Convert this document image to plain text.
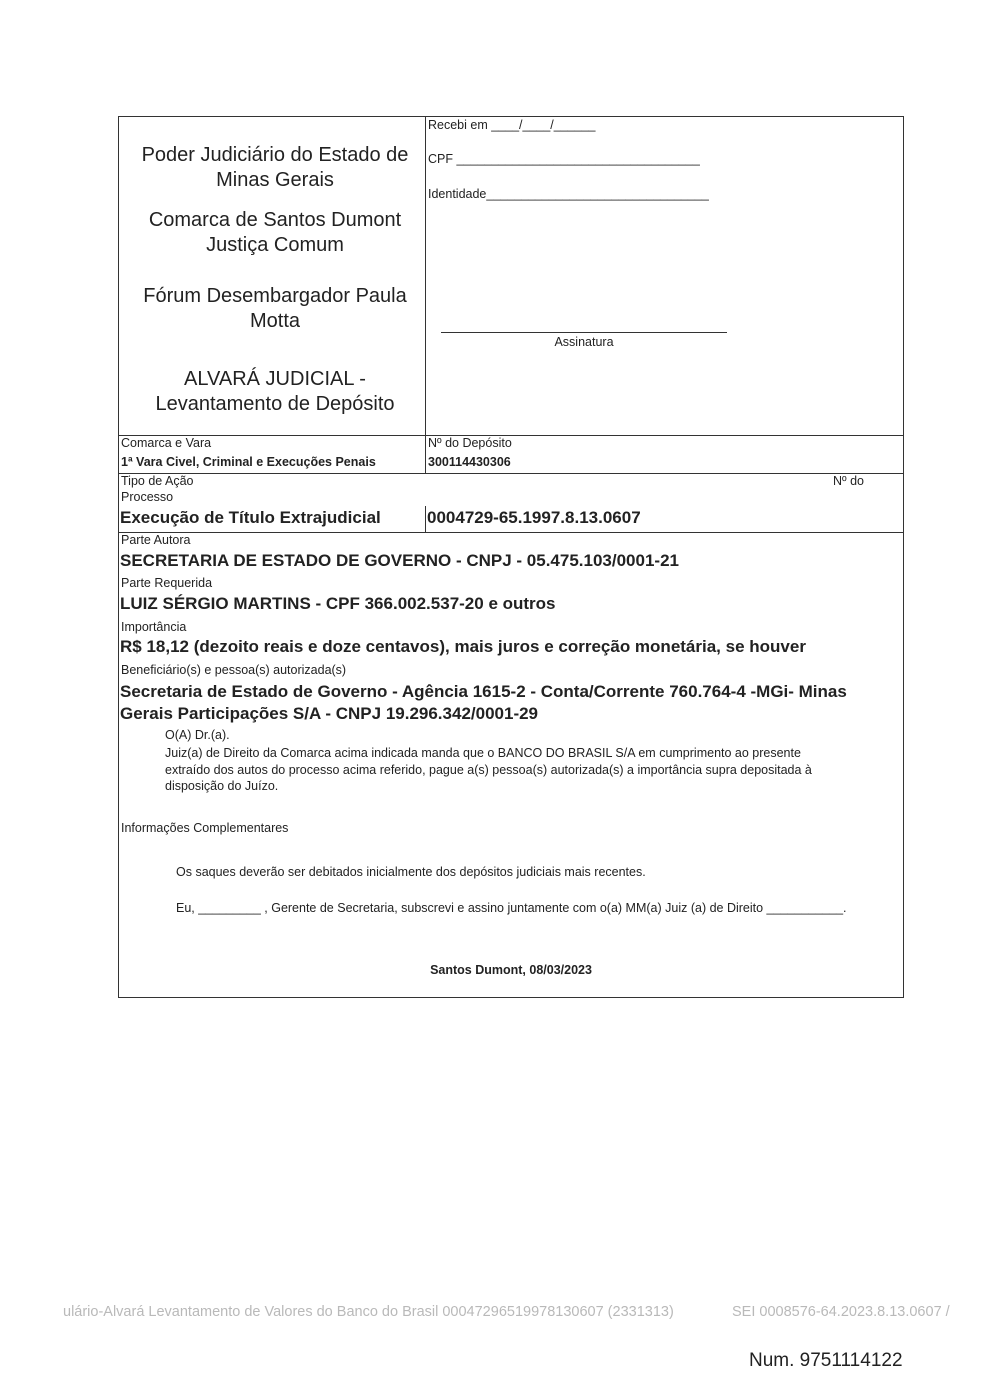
Poder Judiciário do Estado de
Minas Gerais
Comarca de Santos Dumont
Justiça Comum
Fórum Desembargador Paula
Motta
ALVARÁ JUDICIAL -
Levantamento de Depósito
Recebi em ____/____/______
CPF ___________________________________
Identidade________________________________
Assinatura
Comarca e Vara
1ª Vara Civel, Criminal e Execuções Penais
Nº do Depósito
300114430306
Tipo de Ação
Processo
Nº do
Execução de Título Extrajudicial	0004729-65.1997.8.13.0607
Parte Autora
SECRETARIA DE ESTADO DE GOVERNO - CNPJ - 05.475.103/0001-21
Parte Requerida
LUIZ SÉRGIO MARTINS - CPF 366.002.537-20 e outros
Importância
R$ 18,12 (dezoito reais e doze centavos), mais juros e correção monetária, se houver
Beneficiário(s) e pessoa(s) autorizada(s)
Secretaria de Estado de Governo - Agência 1615-2 - Conta/Corrente 760.764-4 -MGi- Minas
Gerais Participações S/A - CNPJ 19.296.342/0001-29
O(A) Dr.(a).
Juiz(a) de Direito da Comarca acima indicada manda que o BANCO DO BRASIL S/A em cumprimento ao presente extraído dos autos do processo acima referido, pague a(s) pessoa(s) autorizada(s) a importância supra depositada à disposição do Juízo.
Informações Complementares
Os saques deverão ser debitados inicialmente dos depósitos judiciais mais recentes.
Eu, _________ , Gerente de Secretaria, subscrevi e assino juntamente com o(a) MM(a) Juiz (a) de Direito ___________.
Santos Dumont, 08/03/2023
ulário-Alvará Levantamento de Valores do Banco do Brasil 00047296519978130607 (2331313)	SEI 0008576-64.2023.8.13.0607 /
Num. 9751114122
